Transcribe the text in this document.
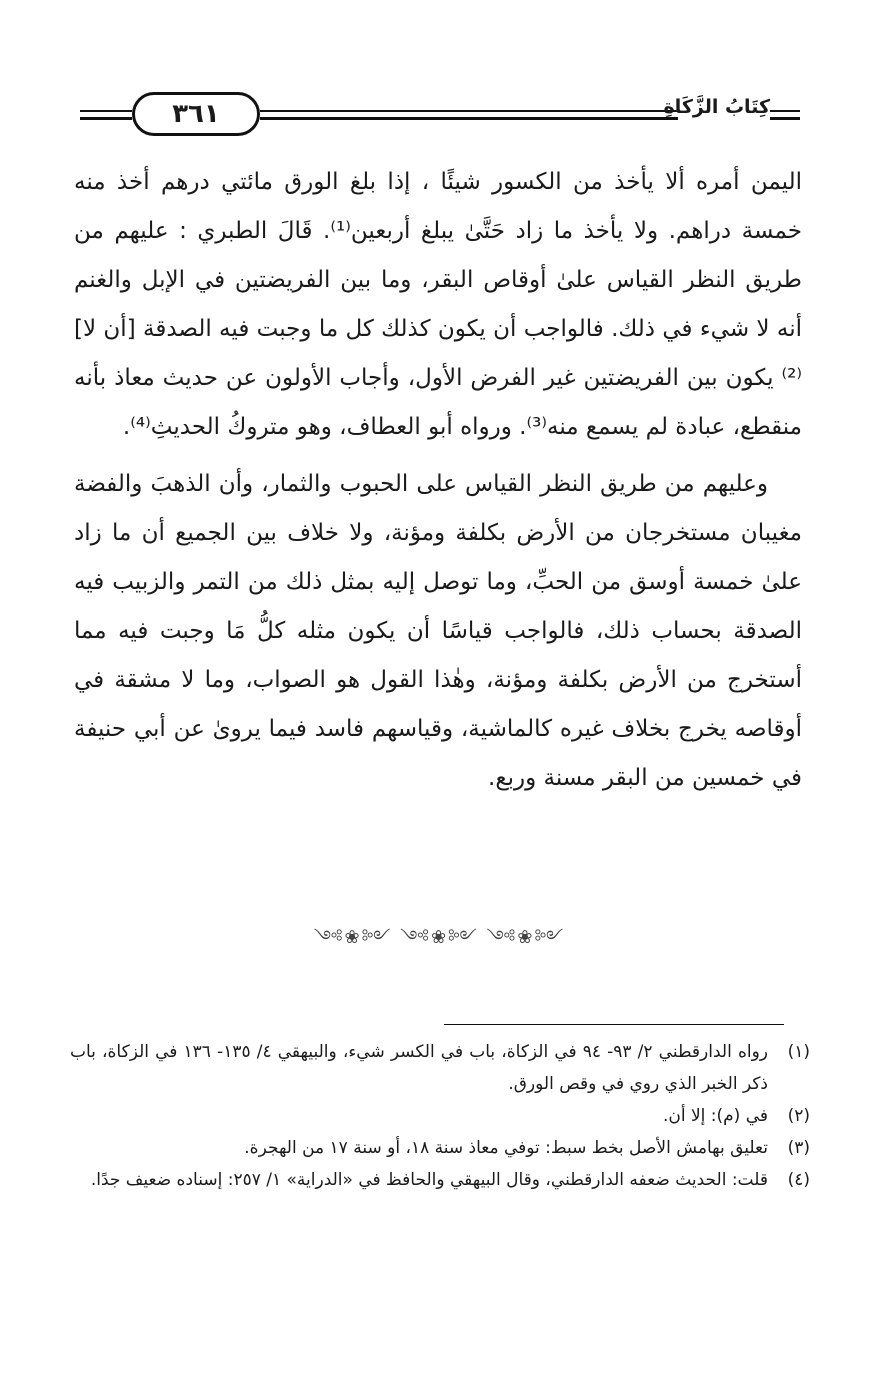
٣٦١	كِتَابُ الزَّكَاةِ

اليمن أمره ألا يأخذ من الكسور شيئًا ، إذا بلغ الورق مائتي درهم أخذ منه خمسة دراهم. ولا يأخذ ما زاد حَتَّىٰ يبلغ أربعين⁽¹⁾. قَالَ الطبري : عليهم من طريق النظر القياس علىٰ أوقاص البقر، وما بين الفريضتين في الإبل والغنم أنه لا شيء في ذلك. فالواجب أن يكون كذلك كل ما وجبت فيه الصدقة [أن لا]⁽²⁾ يكون بين الفريضتين غير الفرض الأول، وأجاب الأولون عن حديث معاذ بأنه منقطع، عبادة لم يسمع منه⁽³⁾. ورواه أبو العطاف، وهو متروكُ الحديثِ⁽⁴⁾.

وعليهم من طريق النظر القياس على الحبوب والثمار، وأن الذهبَ والفضة مغيبان مستخرجان من الأرض بكلفة ومؤنة، ولا خلاف بين الجميع أن ما زاد علىٰ خمسة أوسق من الحبِّ، وما توصل إليه بمثل ذلك من التمر والزبيب فيه الصدقة بحساب ذلك، فالواجب قياسًا أن يكون مثله كلُّ مَا وجبت فيه مما أستخرج من الأرض بكلفة ومؤنة، وهٰذا القول هو الصواب، وما لا مشقة في أوقاصه يخرج بخلاف غيره كالماشية، وقياسهم فاسد فيما يروىٰ عن أبي حنيفة في خمسين من البقر مسنة وربع.

༺❀༻ ༺❀༻ ༺❀༻
(١)
رواه الدارقطني ٢/ ٩٣- ٩٤ في الزكاة، باب في الكسر شيء، والبيهقي ٤/ ١٣٥- ١٣٦ في الزكاة، باب ذكر الخبر الذي روي في وقص الورق.
(٢)
في (م): إلا أن.
(٣)
تعليق بهامش الأصل بخط سبط: توفي معاذ سنة ١٨، أو سنة ١٧ من الهجرة.
(٤)
قلت: الحديث ضعفه الدارقطني، وقال البيهقي والحافظ في «الدراية» ١/ ٢٥٧: إسناده ضعيف جدًا.
